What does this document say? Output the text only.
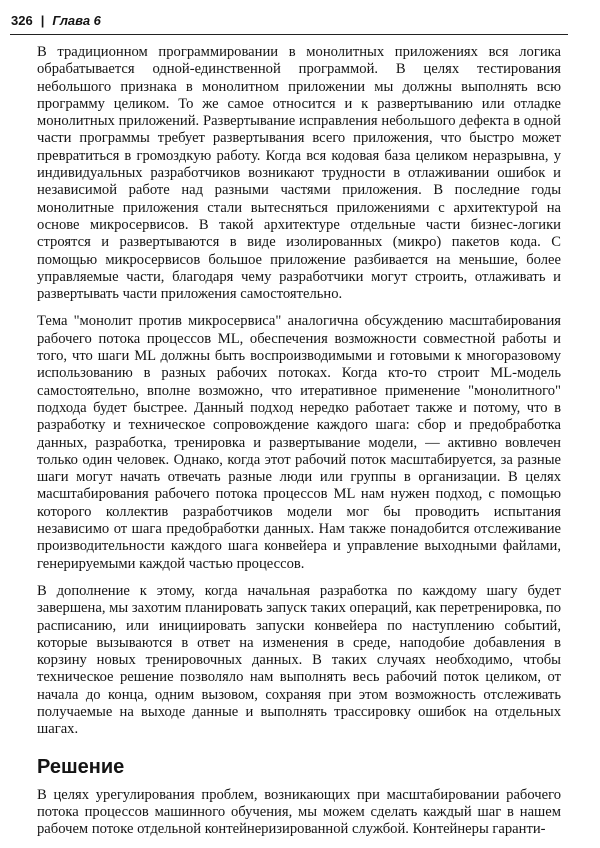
326 | Глава 6

В традиционном программировании в монолитных приложениях вся логика обрабатывается одной-единственной программой. В целях тестирования небольшого признака в монолитном приложении мы должны выполнять всю программу целиком. То же самое относится и к развертыванию или отладке монолитных приложений. Развертывание исправления небольшого дефекта в одной части программы требует развертывания всего приложения, что быстро может превратиться в громоздкую работу. Когда вся кодовая база целиком неразрывна, у индивидуальных разработчиков возникают трудности в отлаживании ошибок и независимой работе над разными частями приложения. В последние годы монолитные приложения стали вытесняться приложениями с архитектурой на основе микросервисов. В такой архитектуре отдельные части бизнес-логики строятся и развертываются в виде изолированных (микро) пакетов кода. С помощью микросервисов большое приложение разбивается на меньшие, более управляемые части, благодаря чему разработчики могут строить, отлаживать и развертывать части приложения самостоятельно.

Тема "монолит против микросервиса" аналогична обсуждению масштабирования рабочего потока процессов ML, обеспечения возможности совместной работы и того, что шаги ML должны быть воспроизводимыми и готовыми к многоразовому использованию в разных рабочих потоках. Когда кто-то строит ML-модель самостоятельно, вполне возможно, что итеративное применение "монолитного" подхода будет быстрее. Данный подход нередко работает также и потому, что в разработку и техническое сопровождение каждого шага: сбор и предобработка данных, разработка, тренировка и развертывание модели, — активно вовлечен только один человек. Однако, когда этот рабочий поток масштабируется, за разные шаги могут начать отвечать разные люди или группы в организации. В целях масштабирования рабочего потока процессов ML нам нужен подход, с помощью которого коллектив разработчиков модели мог бы проводить испытания независимо от шага предобработки данных. Нам также понадобится отслеживание производительности каждого шага конвейера и управление выходными файлами, генерируемыми каждой частью процессов.

В дополнение к этому, когда начальная разработка по каждому шагу будет завершена, мы захотим планировать запуск таких операций, как перетренировка, по расписанию, или инициировать запуски конвейера по наступлению событий, которые вызываются в ответ на изменения в среде, наподобие добавления в корзину новых тренировочных данных. В таких случаях необходимо, чтобы техническое решение позволяло нам выполнять весь рабочий поток целиком, от начала до конца, одним вызовом, сохраняя при этом возможность отслеживать получаемые на выходе данные и выполнять трассировку ошибок на отдельных шагах.

Решение

В целях урегулирования проблем, возникающих при масштабировании рабочего потока процессов машинного обучения, мы можем сделать каждый шаг в нашем рабочем потоке отдельной контейнеризированной службой. Контейнеры гаранти-
